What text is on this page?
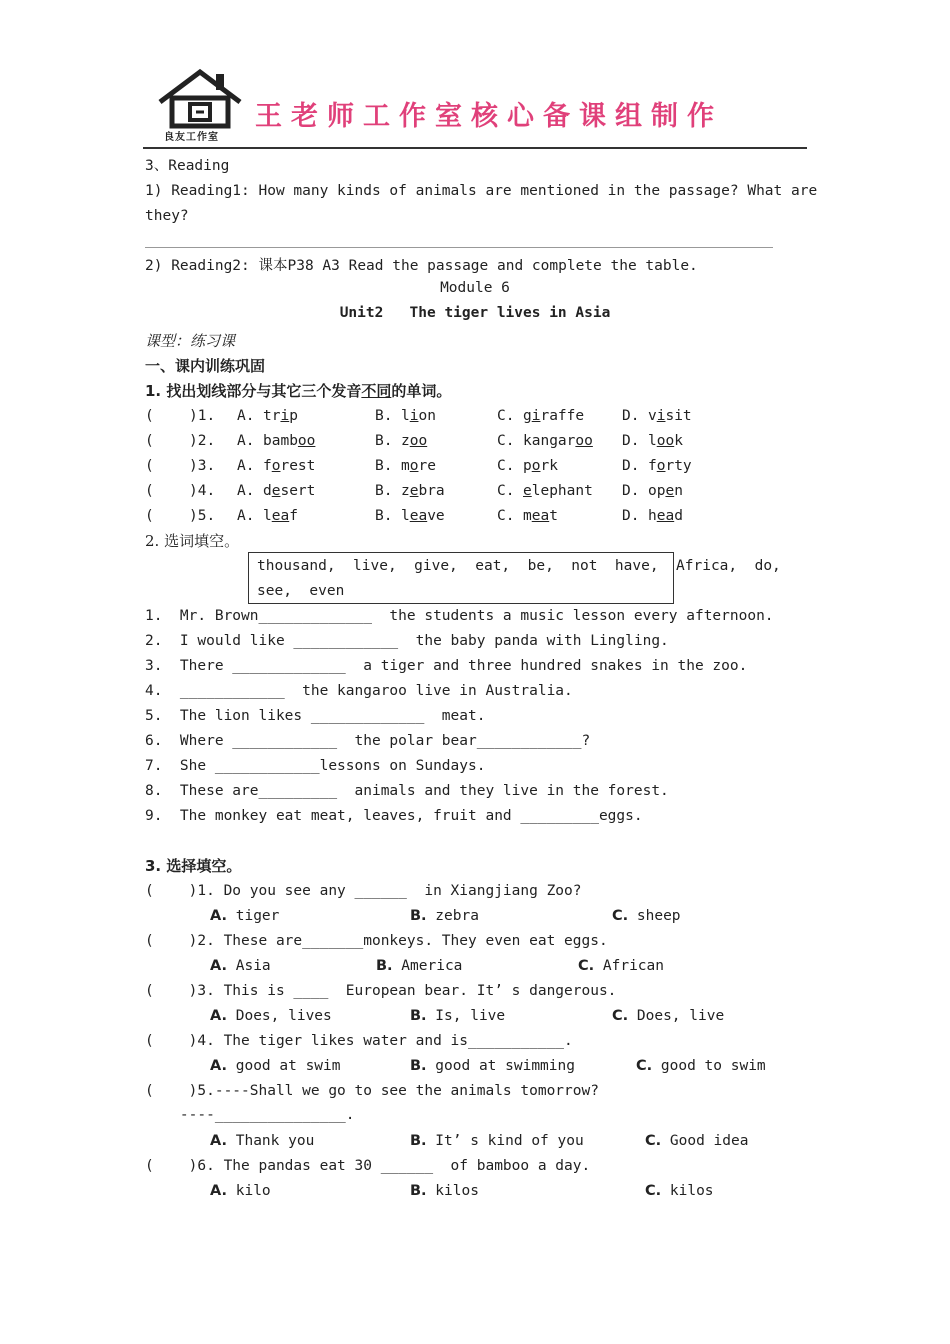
良友工作室
王老师工作室核心备课组制作
3、Reading
1) Reading1: How many kinds of animals are mentioned in the passage? What are
they?
2) Reading2: 课本P38 A3 Read the passage and complete the table.
Module 6
Unit2   The tiger lives in Asia
课型：练习课
一、课内训练巩固
1. 找出划线部分与其它三个发音不同的单词。
( )1. A. trip	B. lion	C. giraffe	D. visit
( )2. A. bamboo	B. zoo	C. kangaroo D. look
( )3. A. forest	B. more	C. pork	D. forty
( )4. A. desert	B. zebra	C. elephant D. open
( )5. A. leaf	B. leave	C. meat	D. head
2. 选词填空。
thousand,  live,  give,  eat,  be,  not  have,  Africa,  do,
see,  even
1.  Mr. Brown_____________  the students a music lesson every afternoon.
2.  I would like ____________  the baby panda with Lingling.
3.  There _____________  a tiger and three hundred snakes in the zoo.
4.  ____________  the kangaroo live in Australia.
5.  The lion likes _____________  meat.
6.  Where ____________  the polar bear____________?
7.  She ____________lessons on Sundays.
8.  These are_________  animals and they live in the forest.
9.  The monkey eat meat, leaves, fruit and _________eggs.
3. 选择填空。
(    )1. Do you see any ______  in Xiangjiang Zoo?
A. tiger	B. zebra	C. sheep
(    )2. These are_______monkeys. They even eat eggs.
A. Asia	B. America	C. African
(    )3. This is ____  European bear. It’ s dangerous.
A. Does, lives	B. Is, live	C. Does, live
(    )4. The tiger likes water and is___________.
A. good at swim	B. good at swimming	C. good to swim
(    )5.----Shall we go to see the animals tomorrow?
----_______________.
A. Thank you	B. It’ s kind of you	C. Good idea
(    )6. The pandas eat 30 ______  of bamboo a day.
A. kilo	B. kilos	C. kilos
